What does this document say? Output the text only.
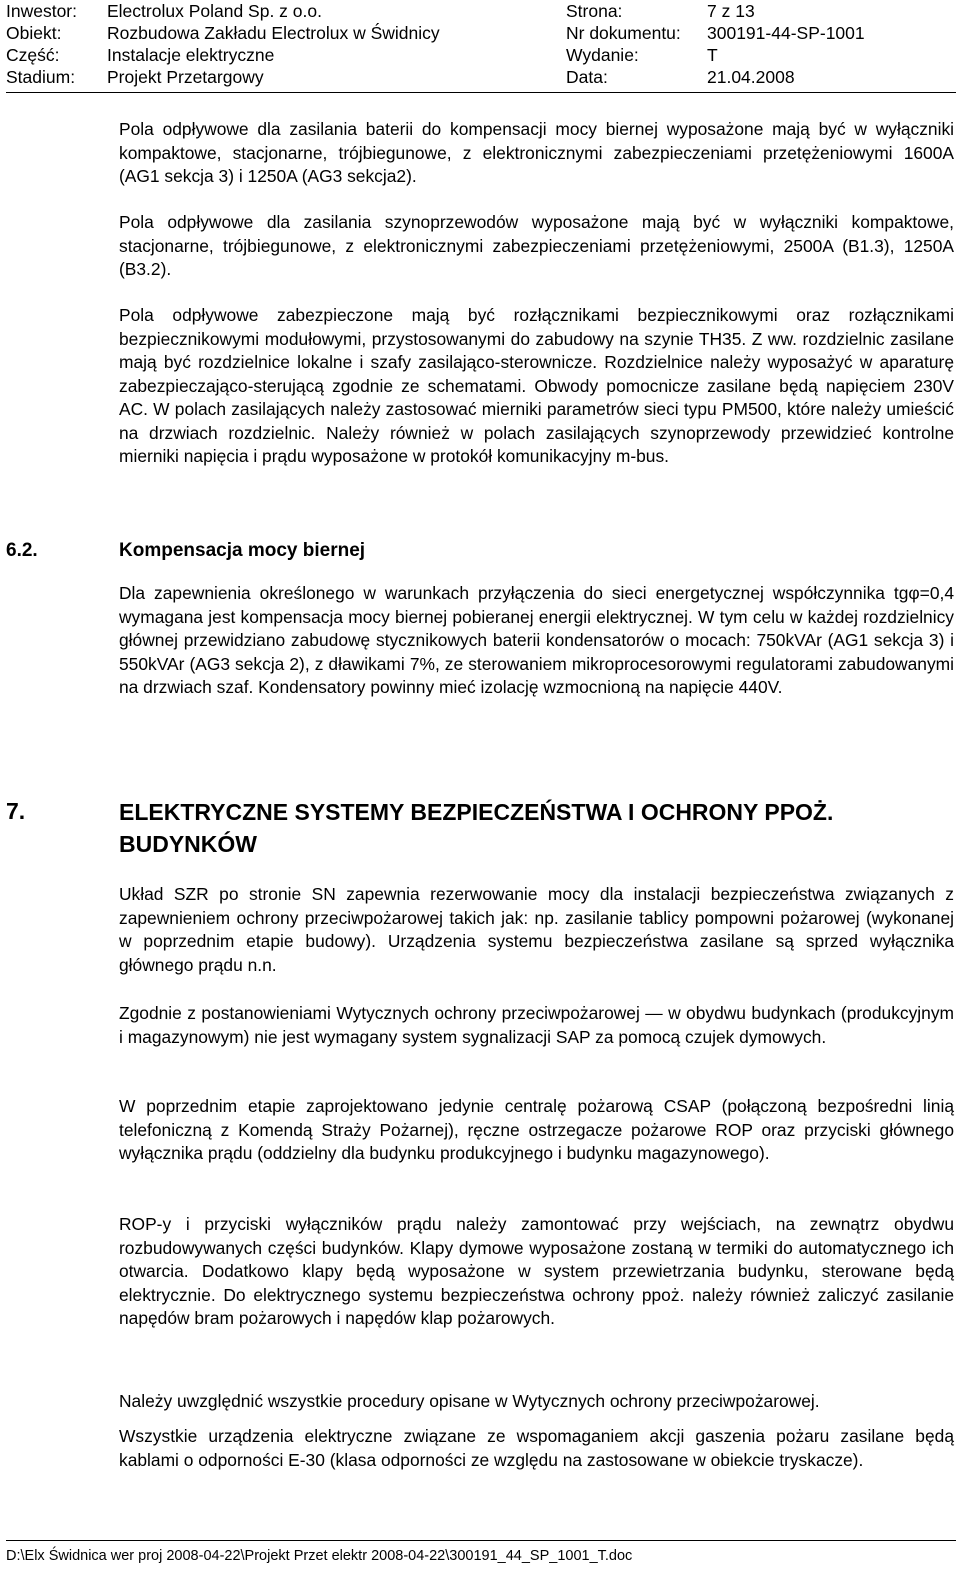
Inwestor: Electrolux Poland Sp. z o.o.	Strona:	7 z 13
Obiekt:	Rozbudowa Zakładu Electrolux w Świdnicy	Nr dokumentu: 300191-44-SP-1001
Część:	Instalacje elektryczne	Wydanie:	T
Stadium: Projekt Przetargowy	Data:	21.04.2008

Pola odpływowe dla zasilania baterii do kompensacji mocy biernej wyposażone mają być w wyłączniki kompaktowe, stacjonarne, trójbiegunowe, z elektronicznymi zabezpieczeniami przetężeniowymi 1600A (AG1 sekcja 3) i 1250A (AG3 sekcja2).

Pola odpływowe dla zasilania szynoprzewodów wyposażone mają być w wyłączniki kompaktowe, stacjonarne, trójbiegunowe, z elektronicznymi zabezpieczeniami przetężeniowymi, 2500A (B1.3), 1250A (B3.2).

Pola odpływowe zabezpieczone mają być rozłącznikami bezpiecznikowymi oraz rozłącznikami bezpiecznikowymi modułowymi, przystosowanymi do zabudowy na szynie TH35. Z ww. rozdzielnic zasilane mają być rozdzielnice lokalne i szafy zasilająco-sterownicze. Rozdzielnice należy wyposażyć w aparaturę zabezpieczająco-sterującą zgodnie ze schematami. Obwody pomocnicze zasilane będą napięciem 230V AC. W polach zasilających należy zastosować mierniki parametrów sieci typu PM500, które należy umieścić na drzwiach rozdzielnic. Należy również w polach zasilających szynoprzewody przewidzieć kontrolne mierniki napięcia i prądu wyposażone w protokół komunikacyjny m-bus.

6.2.	Kompensacja mocy biernej

Dla zapewnienia określonego w warunkach przyłączenia do sieci energetycznej współczynnika tgφ=0,4 wymagana jest kompensacja mocy biernej pobieranej energii elektrycznej. W tym celu w każdej rozdzielnicy głównej przewidziano zabudowę stycznikowych baterii kondensatorów o mocach: 750kVAr (AG1 sekcja 3) i 550kVAr (AG3 sekcja 2), z dławikami 7%, ze sterowaniem mikroprocesorowymi regulatorami zabudowanymi na drzwiach szaf. Kondensatory powinny mieć izolację wzmocnioną na napięcie 440V.

7.	ELEKTRYCZNE SYSTEMY BEZPIECZEŃSTWA I OCHRONY PPOŻ. BUDYNKÓW

Układ SZR po stronie SN zapewnia rezerwowanie mocy dla instalacji bezpieczeństwa związanych z zapewnieniem ochrony przeciwpożarowej takich jak: np. zasilanie tablicy pompowni pożarowej (wykonanej w poprzednim etapie budowy). Urządzenia systemu bezpieczeństwa zasilane są sprzed wyłącznika głównego prądu n.n.

Zgodnie z postanowieniami Wytycznych ochrony przeciwpożarowej — w obydwu budynkach (produkcyjnym i magazynowym) nie jest wymagany system sygnalizacji SAP za pomocą czujek dymowych.

W poprzednim etapie zaprojektowano jedynie centralę pożarową CSAP (połączoną bezpośredni linią telefoniczną z Komendą Straży Pożarnej), ręczne ostrzegacze pożarowe ROP oraz przyciski głównego wyłącznika prądu (oddzielny dla budynku produkcyjnego i budynku magazynowego).

ROP-y i przyciski wyłączników prądu należy zamontować przy wejściach, na zewnątrz obydwu rozbudowywanych części budynków. Klapy dymowe wyposażone zostaną w termiki do automatycznego ich otwarcia. Dodatkowo klapy będą wyposażone w system przewietrzania budynku, sterowane będą elektrycznie. Do elektrycznego systemu bezpieczeństwa ochrony ppoż. należy również zaliczyć zasilanie napędów bram pożarowych i napędów klap pożarowych.

Należy uwzględnić wszystkie procedury opisane w Wytycznych ochrony przeciwpożarowej.

Wszystkie urządzenia elektryczne związane ze wspomaganiem akcji gaszenia pożaru zasilane będą kablami o odporności E-30 (klasa odporności ze względu na zastosowane w obiekcie tryskacze).

D:\Elx Świdnica wer proj 2008-04-22\Projekt Przet elektr 2008-04-22\300191_44_SP_1001_T.doc
